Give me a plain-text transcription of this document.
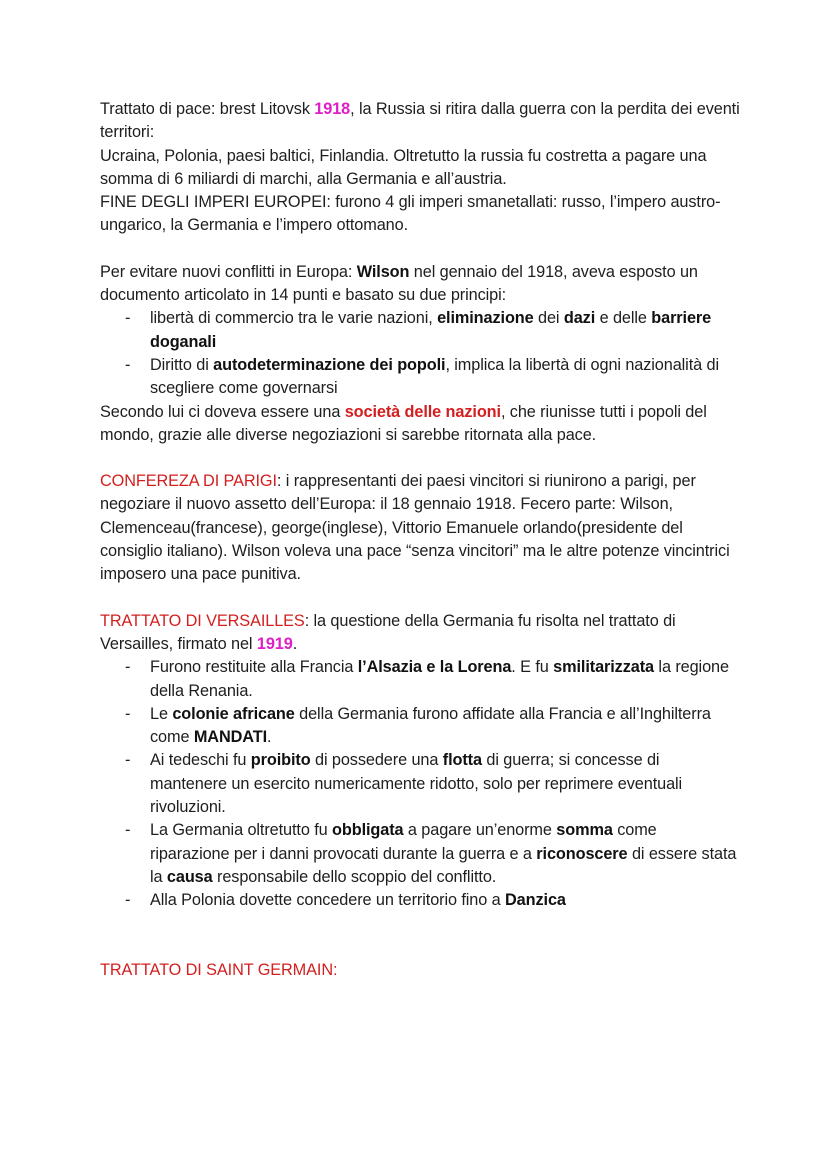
Trattato di pace: brest Litovsk 1918, la Russia si ritira dalla guerra con la perdita dei eventi territori:
Ucraina, Polonia, paesi baltici, Finlandia. Oltretutto la russia fu costretta a pagare una somma di 6 miliardi di marchi, alla Germania e all’austria.
FINE DEGLI IMPERI EUROPEI: furono 4 gli imperi smanetallati: russo, l’impero austro-ungarico, la Germania e l’impero ottomano.

Per evitare nuovi conflitti in Europa: Wilson nel gennaio del 1918, aveva esposto un documento articolato in 14 punti e basato su due principi:

- libertà di commercio tra le varie nazioni, eliminazione dei dazi e delle barriere doganali
- Diritto di autodeterminazione dei popoli, implica la libertà di ogni nazionalità di scegliere come governarsi

Secondo lui ci doveva essere una società delle nazioni, che riunisse tutti i popoli del mondo, grazie alle diverse negoziazioni si sarebbe ritornata alla pace.

CONFEREZA DI PARIGI: i rappresentanti dei paesi vincitori si riunirono a parigi, per negoziare il nuovo assetto dell’Europa: il 18 gennaio 1918. Fecero parte: Wilson, Clemenceau(francese), george(inglese), Vittorio Emanuele orlando(presidente del consiglio italiano). Wilson voleva una pace “senza vincitori” ma le altre potenze vincintrici imposero una pace punitiva.

TRATTATO DI VERSAILLES: la questione della Germania fu risolta nel trattato di Versailles, firmato nel 1919.

- Furono restituite alla Francia l’Alsazia e la Lorena. E fu smilitarizzata la regione della Renania.
- Le colonie africane della Germania furono affidate alla Francia e all’Inghilterra come MANDATI.
- Ai tedeschi fu proibito di possedere una flotta di guerra; si concesse di mantenere un esercito numericamente ridotto, solo per reprimere eventuali rivoluzioni.
- La Germania oltretutto fu obbligata a pagare un’enorme somma come riparazione per i danni provocati durante la guerra e a riconoscere di essere stata la causa responsabile dello scoppio del conflitto.
- Alla Polonia dovette concedere un territorio fino a Danzica

TRATTATO DI SAINT GERMAIN:
